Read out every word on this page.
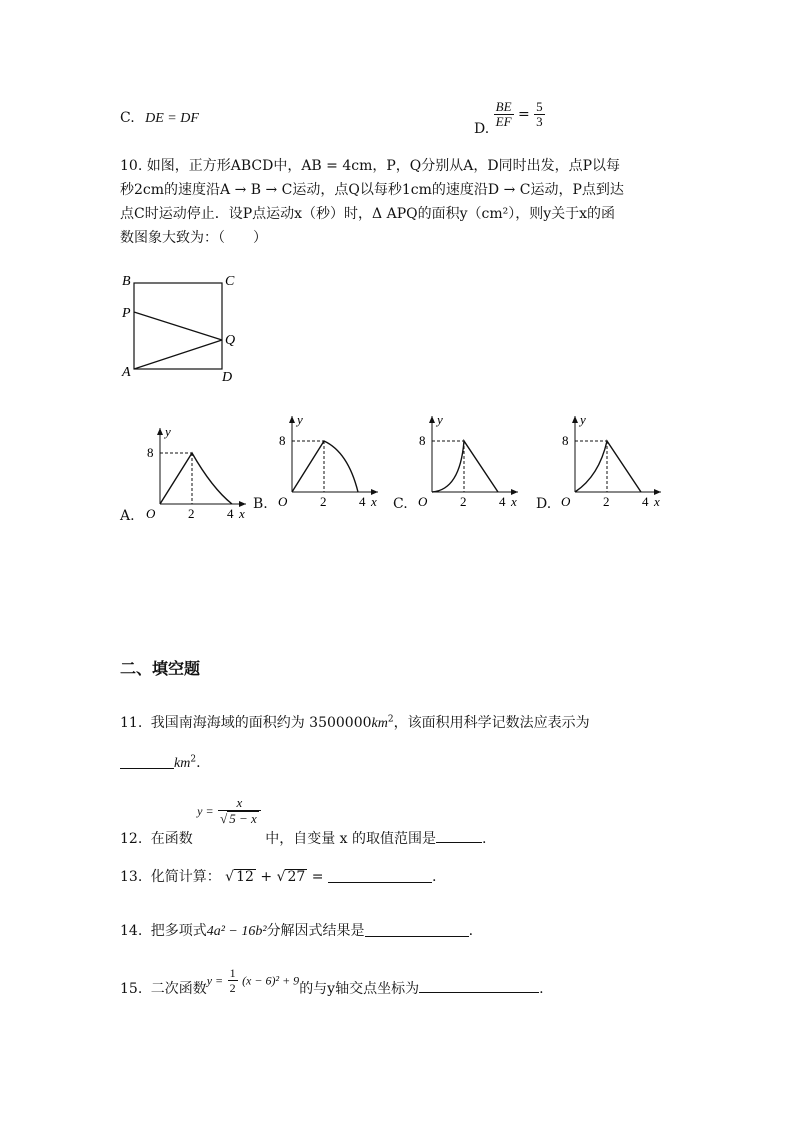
C. DE = DF
D. $\frac{BE}{EF} = \frac{5}{3}$
10. 如图，正方形ABCD中，AB = 4cm，P，Q分别从A，D同时出发，点P以每
秒2cm的速度沿A → B → C运动，点Q以每秒1cm的速度沿D → C运动，P点到达
点C时运动停止．设P点运动x（秒）时，Δ APQ的面积y（cm²），则y关于x的函
数图象大致为：（　　）
B	C
P
Q
A	D
y
x
O
8
2	4
A.
y
x
O
8
2	4
B.
y
x
O
8
2	4
C.
y
x
O
8
2	4
D.
二、填空题
11. 我国南海海域的面积约为 $3500000km^2$，该面积用科学记数法应表示为
$km^2$.
12. 在函数 $y = \frac{x}{√ 5 - x}$
中，自变量 x 的取值范围是	.
13. 化简计算： √ 12 + √ 27 =	.
14. 把多项式4a² − 16b²分解因式结果是	.
15. 二次函数$y = \frac{1}{2} (x - 6)^2 + 9$的与y轴交点坐标为	.
